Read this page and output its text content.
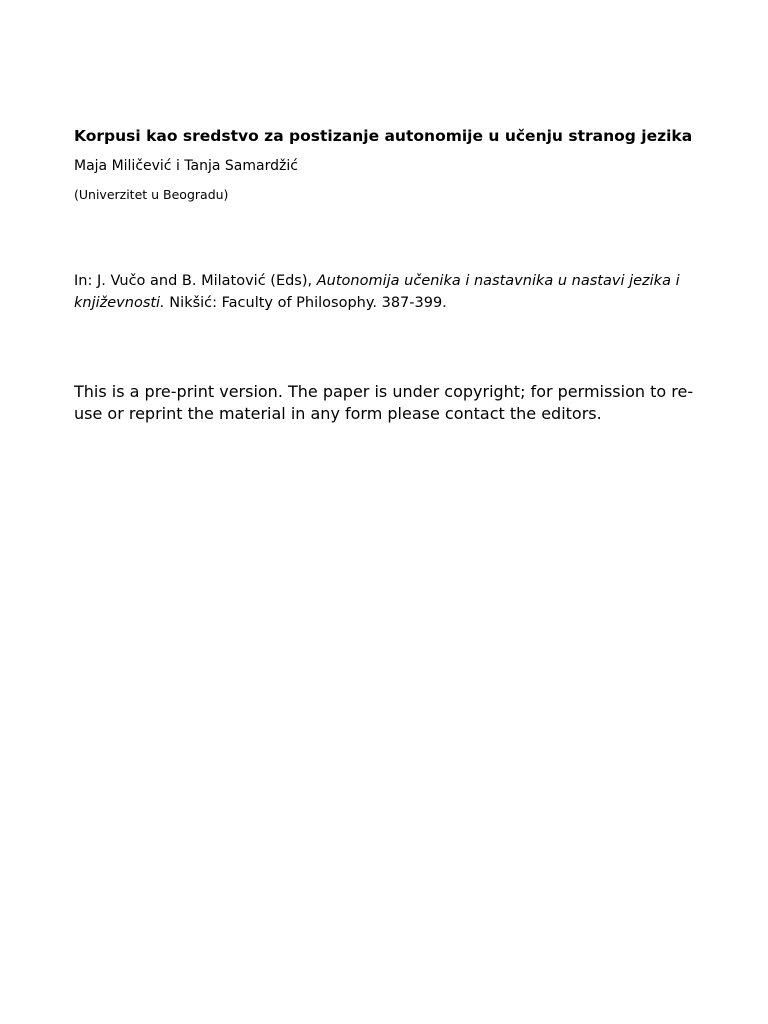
Korpusi kao sredstvo za postizanje autonomije u učenju stranog jezika

Maja Miličević i Tanja Samardžić

(Univerzitet u Beogradu)

In: J. Vučo and B. Milatović (Eds), Autonomija učenika i nastavnika u nastavi jezika i književnosti. Nikšić: Faculty of Philosophy. 387-399.

This is a pre-print version. The paper is under copyright; for permission to re-use or reprint the material in any form please contact the editors.
